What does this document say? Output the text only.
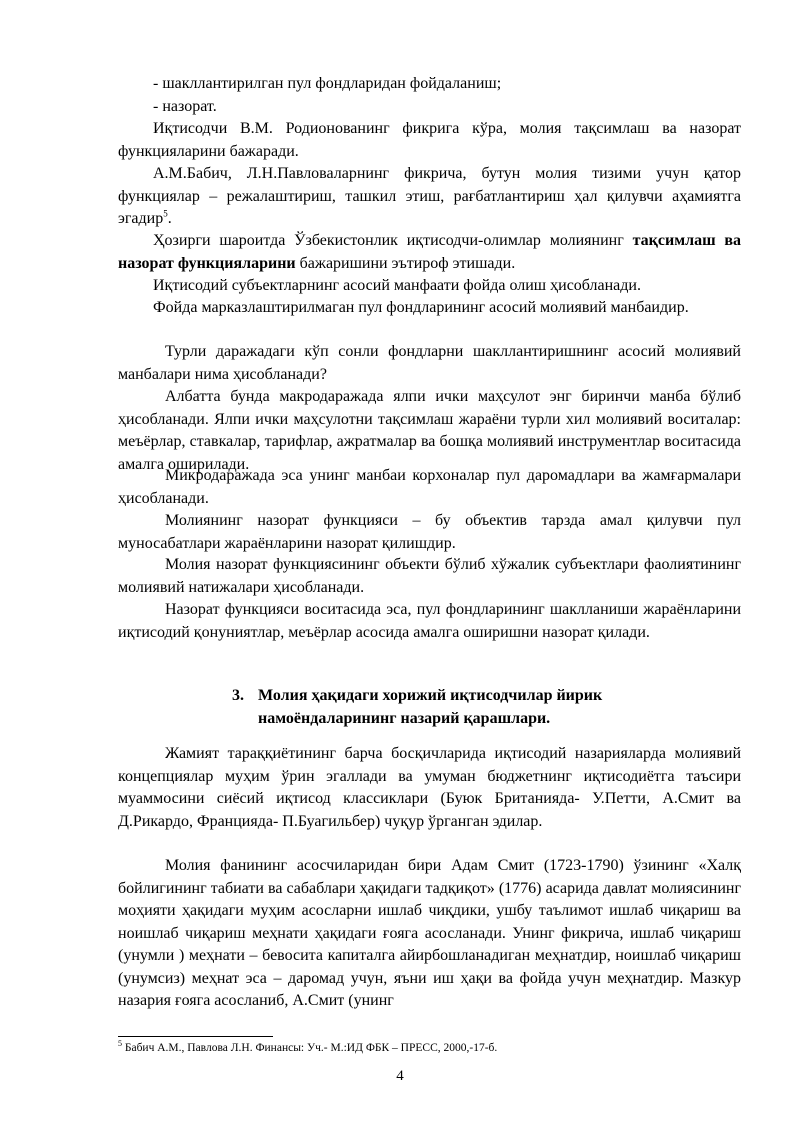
- шакллантирилган пул фондларидан фойдаланиш;

- назорат.

Иқтисодчи В.М. Родионованинг фикрига кўра, молия тақсимлаш ва назорат функцияларини бажаради.

А.М.Бабич, Л.Н.Павловаларнинг фикрича, бутун молия тизими учун қатор функциялар – режалаштириш, ташкил этиш, рағбатлантириш ҳал қилувчи аҳамиятга эгадир$^5$.

Ҳозирги шароитда Ўзбекистонлик иқтисодчи-олимлар молиянинг тақсимлаш ва назорат функцияларини бажаришини эътироф этишади.

Иқтисодий субъектларнинг асосий манфаати фойда олиш ҳисобланади.

Фойда марказлаштирилмаган пул фондларининг асосий молиявий манбаидир.

Турли даражадаги кўп сонли фондларни шакллантиришнинг асосий молиявий манбалари нима ҳисобланади?

Албатта бунда макродаражада ялпи ички маҳсулот энг биринчи манба бўлиб ҳисобланади. Ялпи ички маҳсулотни тақсимлаш жараёни турли хил молиявий воситалар: меъёрлар, ставкалар, тарифлар, ажратмалар ва бошқа молиявий инструментлар воситасида амалга оширилади.

Микродаражада эса унинг манбаи корхоналар пул даромадлари ва жамғармалари ҳисобланади.

Молиянинг назорат функцияси – бу объектив тарзда амал қилувчи пул муносабатлари жараёнларини назорат қилишдир.

Молия назорат функциясининг объекти бўлиб хўжалик субъектлари фаолиятининг молиявий натижалари ҳисобланади.

Назорат функцияси воситасида эса, пул фондларининг шаклланиши жараёнларини иқтисодий қонуниятлар, меъёрлар асосида амалга оширишни назорат қилади.

3. Молия ҳақидаги хорижий иқтисодчилар йирик намоёндаларининг назарий қарашлари.

Жамият тараққиётининг барча босқичларида иқтисодий назарияларда молиявий концепциялар муҳим ўрин эгаллади ва умуман бюджетнинг иқтисодиётга таъсири муаммосини сиёсий иқтисод классиклари (Буюк Британияда- У.Петти, А.Смит ва Д.Рикардо, Францияда- П.Буагильбер) чуқур ўрганган эдилар.

Молия фанининг асосчиларидан бири Адам Смит (1723-1790) ўзининг «Халқ бойлигининг табиати ва сабаблари ҳақидаги тадқиқот» (1776) асарида давлат молиясининг моҳияти ҳақидаги муҳим асосларни ишлаб чиқдики, ушбу таълимот ишлаб чиқариш ва ноишлаб чиқариш меҳнати ҳақидаги ғояга асосланади. Унинг фикрича, ишлаб чиқариш (унумли ) меҳнати – бевосита капиталга айирбошланадиган меҳнатдир, ноишлаб чиқариш (унумсиз) меҳнат эса – даромад учун, яъни иш ҳақи ва фойда учун меҳнатдир. Мазкур назария ғояга асосланиб, А.Смит (унинг

$^5$ Бабич А.М., Павлова Л.Н. Финансы: Уч.- М.:ИД ФБК – ПРЕСС, 2000,-17-б.
4
